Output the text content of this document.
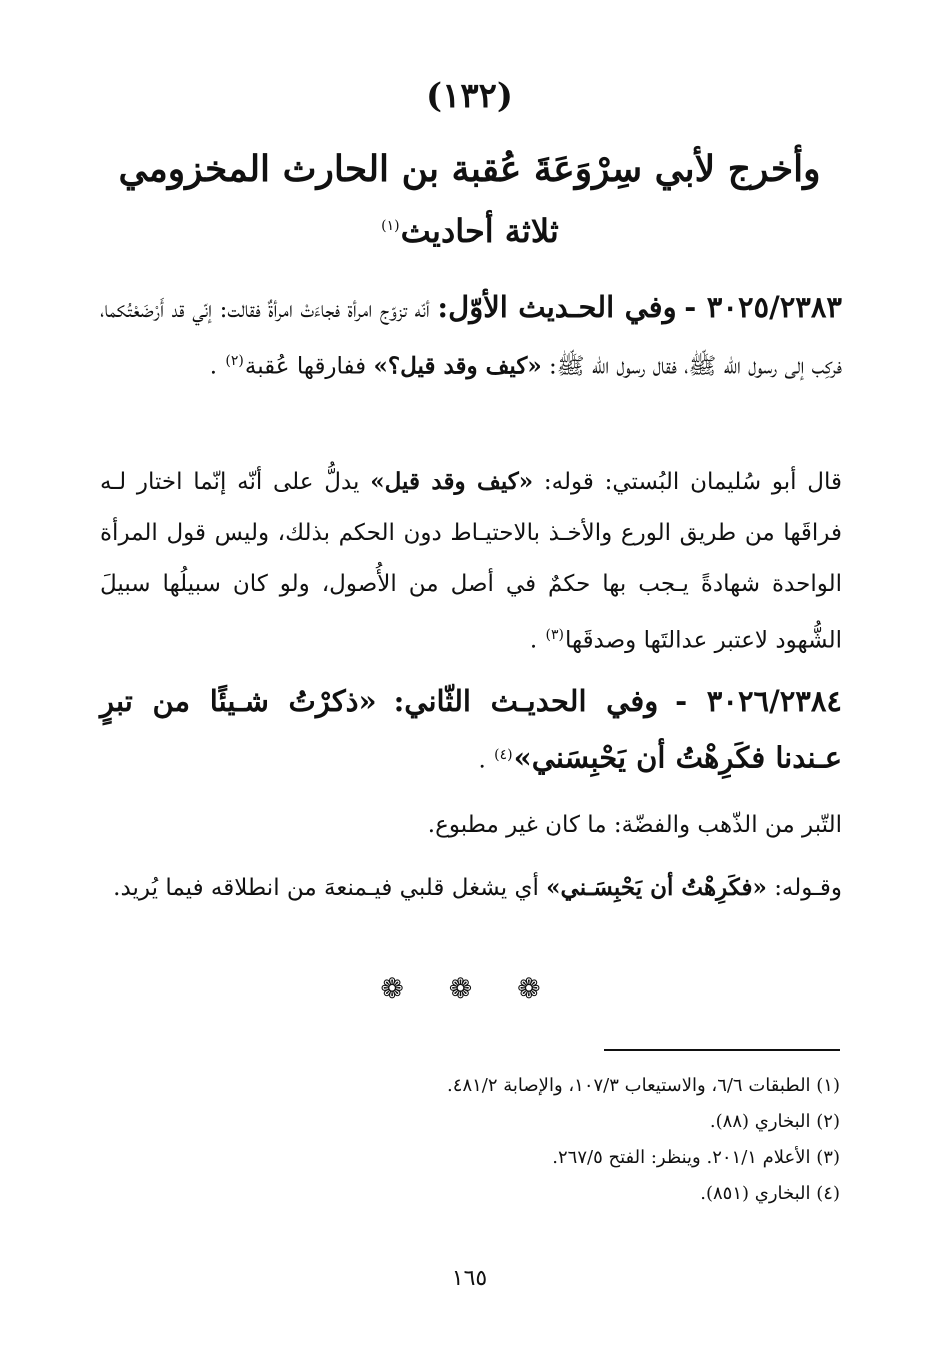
(١٣٢)
وأخرج لأبي سِرْوَعَةَ عُقبة بن الحارث المخزومي
ثلاثة أحاديث$^{(١)}$
٣٠٢٥/٢٣٨٣ - وفي الحـديث الأوّل: أنّه تزوّج امرأة فجاءَتْ امرأةٌ فقالت: إنّي قد أَرْضَعْتُكما، فركِب إلى رسول الله ﷺ، فقال رسول الله ﷺ: «كيف وقد قيل؟» ففارقها عُقبة$^{(٢)}$ .
قال أبو سُليمان البُستي: قوله: «كيف وقد قيل» يدلُّ على أنّه إنّما اختار لـه فراقَها من طريق الورع والأخـذ بالاحتيـاط دون الحكم بذلك، وليس قول المرأة الواحدة شهادةً يـجب بها حكمٌ في أصل من الأُصول، ولو كان سبيلُها سبيلَ الشُّهود لاعتبر عدالتَها وصدقَها$^{(٣)}$ .
٣٠٢٦/٢٣٨٤ - وفي الحديـث الثّاني: «ذكرْتُ شـيئًا من تبرٍ عـندنا فكَرِهْتُ أن يَحْبِسَني»$^{(٤)}$ .
التّبر من الذّهب والفضّة: ما كان غير مطبوع.
وقـوله: «فكَرِهْتُ أن يَحْبِسَـني» أي يشغل قلبي فيـمنعهَ من انطلاقه فيما يُريد.
❁ ❁ ❁
(١) الطبقات ٦/٦، والاستيعاب ١٠٧/٣، والإصابة ٤٨١/٢.
(٢) البخاري (٨٨).
(٣) الأعلام ٢٠١/١. وينظر: الفتح ٢٦٧/٥.
(٤) البخاري (٨٥١).
١٦٥
